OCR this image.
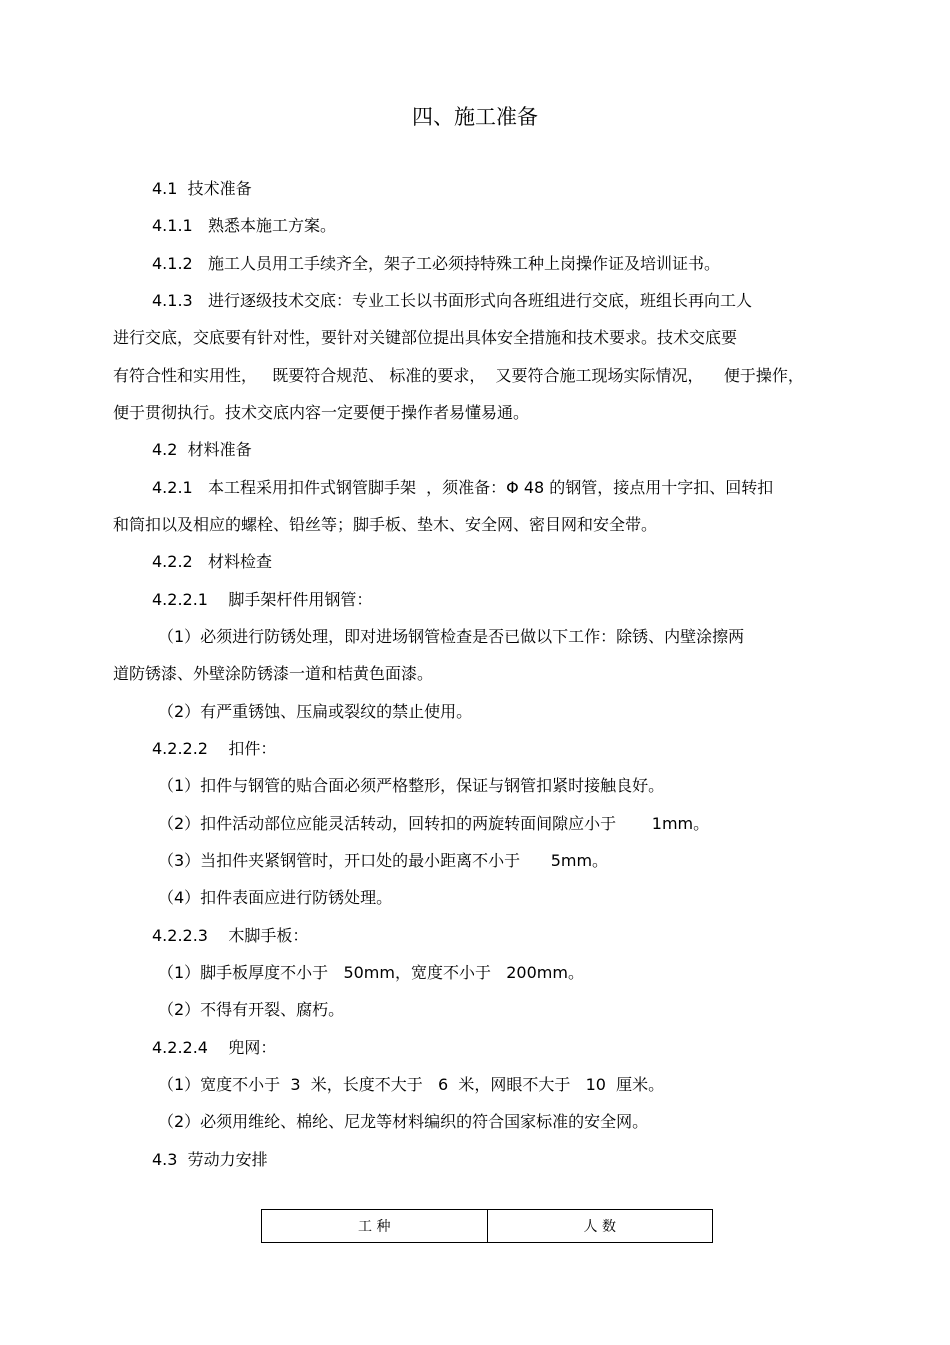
四、施工准备
4.1  技术准备
4.1.1   熟悉本施工方案。
4.1.2   施工人员用工手续齐全，架子工必须持特殊工种上岗操作证及培训证书。
4.1.3   进行逐级技术交底：专业工长以书面形式向各班组进行交底，班组长再向工人
进行交底，交底要有针对性，要针对关键部位提出具体安全措施和技术要求。技术交底要
有符合性和实用性，   既要符合规范、 标准的要求，  又要符合施工现场实际情况，    便于操作，
便于贯彻执行。技术交底内容一定要便于操作者易懂易通。
4.2  材料准备
4.2.1   本工程采用扣件式钢管脚手架  ，须准备：Φ 48 的钢管，接点用十字扣、回转扣
和筒扣以及相应的螺栓、铅丝等；脚手板、垫木、安全网、密目网和安全带。
4.2.2   材料检查
4.2.2.1    脚手架杆件用钢管：
（1）必须进行防锈处理，即对进场钢管检查是否已做以下工作：除锈、内壁涂擦两
道防锈漆、外壁涂防锈漆一道和桔黄色面漆。
（2）有严重锈蚀、压扁或裂纹的禁止使用。
4.2.2.2    扣件：
（1）扣件与钢管的贴合面必须严格整形，保证与钢管扣紧时接触良好。
（2）扣件活动部位应能灵活转动，回转扣的两旋转面间隙应小于       1mm。
（3）当扣件夹紧钢管时，开口处的最小距离不小于      5mm。
（4）扣件表面应进行防锈处理。
4.2.2.3    木脚手板：
（1）脚手板厚度不小于   50mm，宽度不小于   200mm。
（2）不得有开裂、腐朽。
4.2.2.4    兜网：
（1）宽度不小于  3  米，长度不大于   6  米，网眼不大于   10  厘米。
（2）必须用维纶、棉纶、尼龙等材料编织的符合国家标准的安全网。
4.3  劳动力安排
工 种	人 数
